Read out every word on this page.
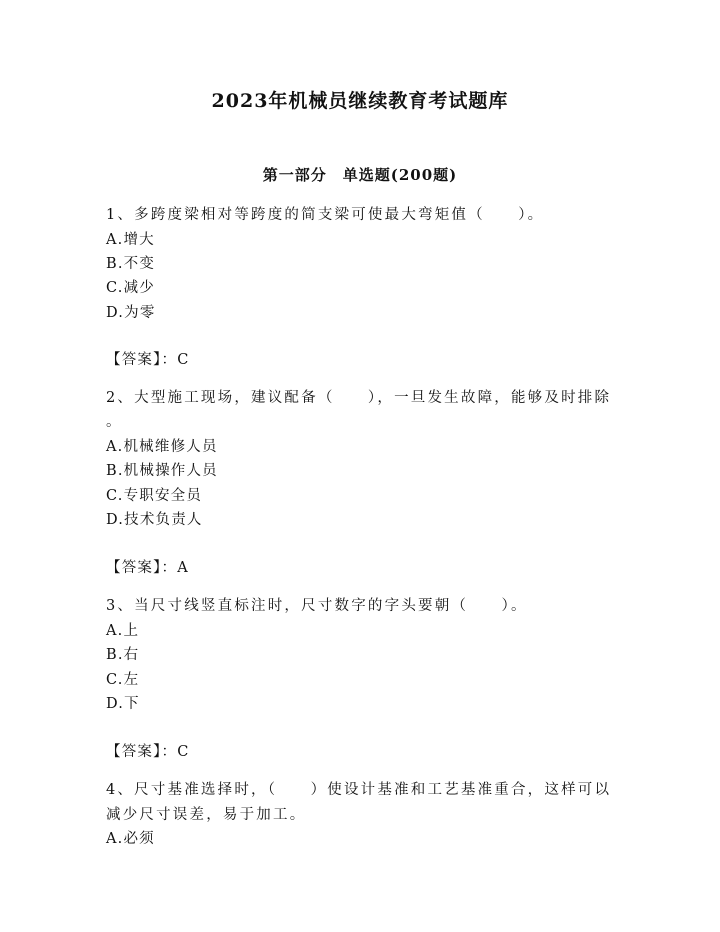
2023年机械员继续教育考试题库
第一部分　单选题(200题)
1、多跨度梁相对等跨度的简支梁可使最大弯矩值（　　）。
A.增大
B.不变
C.减少
D.为零
【答案】：C
2、大型施工现场，建议配备（　　），一旦发生故障，能够及时排除
。
A.机械维修人员
B.机械操作人员
C.专职安全员
D.技术负责人
【答案】：A
3、当尺寸线竖直标注时，尺寸数字的字头要朝（　　）。
A.上
B.右
C.左
D.下
【答案】：C
4、尺寸基准选择时，（　　）使设计基准和工艺基准重合，这样可以
减少尺寸误差，易于加工。
A.必须
